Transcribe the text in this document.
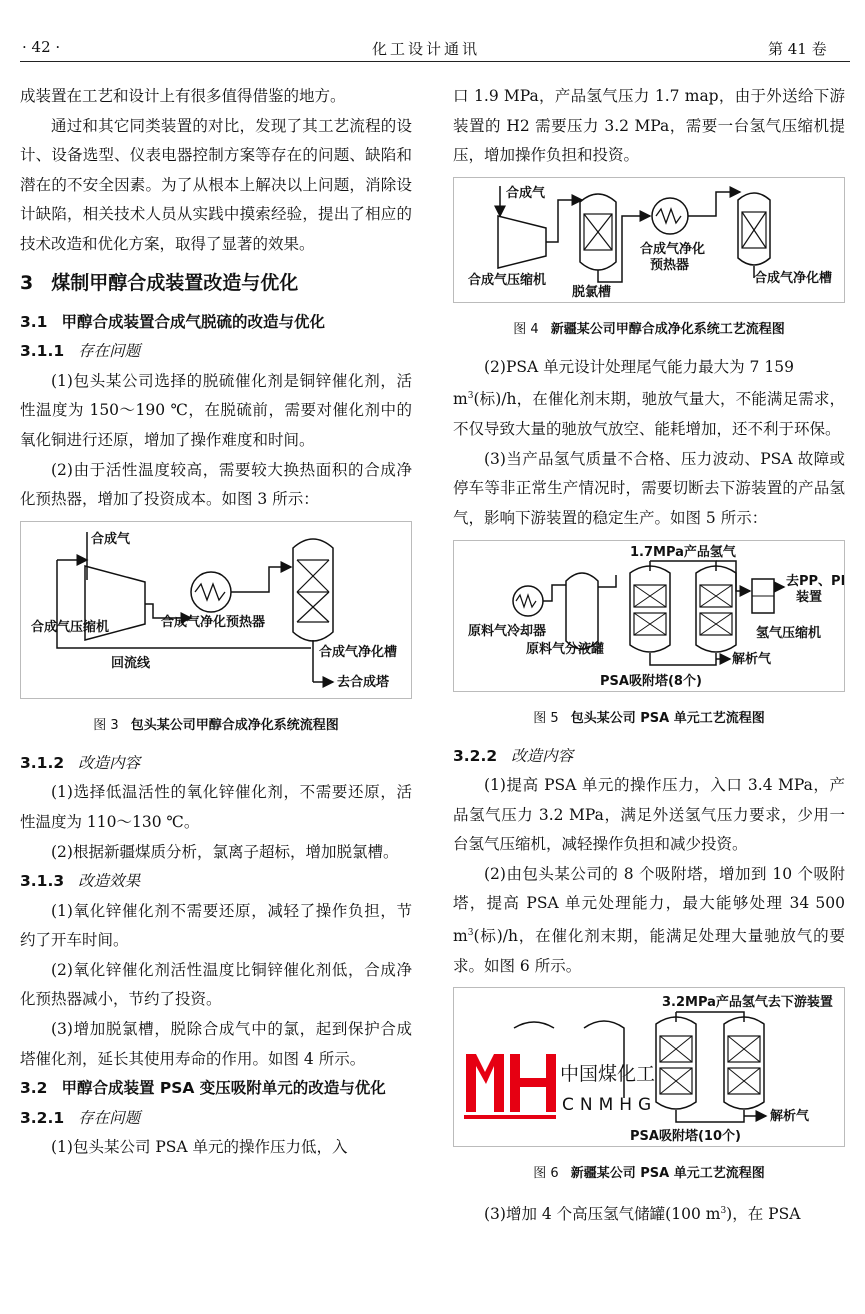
· 42 ·	化工设计通讯	第 41 卷

成装置在工艺和设计上有很多值得借鉴的地方。

通过和其它同类装置的对比，发现了其工艺流程的设计、设备选型、仪表电器控制方案等存在的问题、缺陷和潜在的不安全因素。为了从根本上解决以上问题，消除设计缺陷，相关技术人员从实践中摸索经验，提出了相应的技术改造和优化方案，取得了显著的效果。

3 煤制甲醇合成装置改造与优化
3.1 甲醇合成装置合成气脱硫的改造与优化
3.1.1 存在问题

(1)包头某公司选择的脱硫催化剂是铜锌催化剂，活性温度为 150～190 ℃，在脱硫前，需要对催化剂中的氧化铜进行还原，增加了操作难度和时间。

(2)由于活性温度较高，需要较大换热面积的合成净化预热器，增加了投资成本。如图 3 所示：

合成气
合成气压缩机	合成气净化预热器
回流线
合成气净化槽
去合成塔
图 3 包头某公司甲醇合成净化系统流程图
3.1.2 改造内容

(1)选择低温活性的氧化锌催化剂，不需要还原，活性温度为 110～130 ℃。

(2)根据新疆煤质分析，氯离子超标，增加脱氯槽。

3.1.3 改造效果

(1)氧化锌催化剂不需要还原，减轻了操作负担，节约了开车时间。

(2)氧化锌催化剂活性温度比铜锌催化剂低，合成净化预热器减小，节约了投资。

(3)增加脱氯槽，脱除合成气中的氯，起到保护合成塔催化剂，延长其使用寿命的作用。如图 4 所示。

3.2 甲醇合成装置 PSA 变压吸附单元的改造与优化
3.2.1 存在问题

(1)包头某公司 PSA 单元的操作压力低，入

口 1.9 MPa，产品氢气压力 1.7 map，由于外送给下游装置的 H2 需要压力 3.2 MPa，需要一台氢气压缩机提压，增加操作负担和投资。

合成气
合成气压缩机
脱氯槽
合成气净化
预热器
合成气净化槽
图 4 新疆某公司甲醇合成净化系统工艺流程图

(2)PSA 单元设计处理尾气能力最大为 7 159
$m^3$(标)/h，在催化剂末期，驰放气量大，不能满足需求，不仅导致大量的驰放气放空、能耗增加，还不利于环保。

(3)当产品氢气质量不合格、压力波动、PSA 故障或停车等非正常生产情况时，需要切断去下游装置的产品氢气，影响下游装置的稳定生产。如图 5 所示：

1.7MPa产品氢气
去PP、PE
装置
原料气冷却器
原料气分液罐
氢气压缩机
解析气
PSA吸附塔(8个)
图 5 包头某公司 PSA 单元工艺流程图
3.2.2 改造内容

(1)提高 PSA 单元的操作压力，入口 3.4 MPa，产品氢气压力 3.2 MPa，满足外送氢气压力要求，少用一台氢气压缩机，减轻操作负担和减少投资。

(2)由包头某公司的 8 个吸附塔，增加到 10 个吸附塔，提高 PSA 单元处理能力，最大能够处理 34 500 $m^3$(标)/h，在催化剂末期，能满足处理大量驰放气的要求。如图 6 所示。

3.2MPa产品氢气去下游装置
解析气
PSA吸附塔(10个)
中国煤化工
CNMHG
图 6 新疆某公司 PSA 单元工艺流程图

(3)增加 4 个高压氢气储罐(100 $m^3$)，在 PSA
